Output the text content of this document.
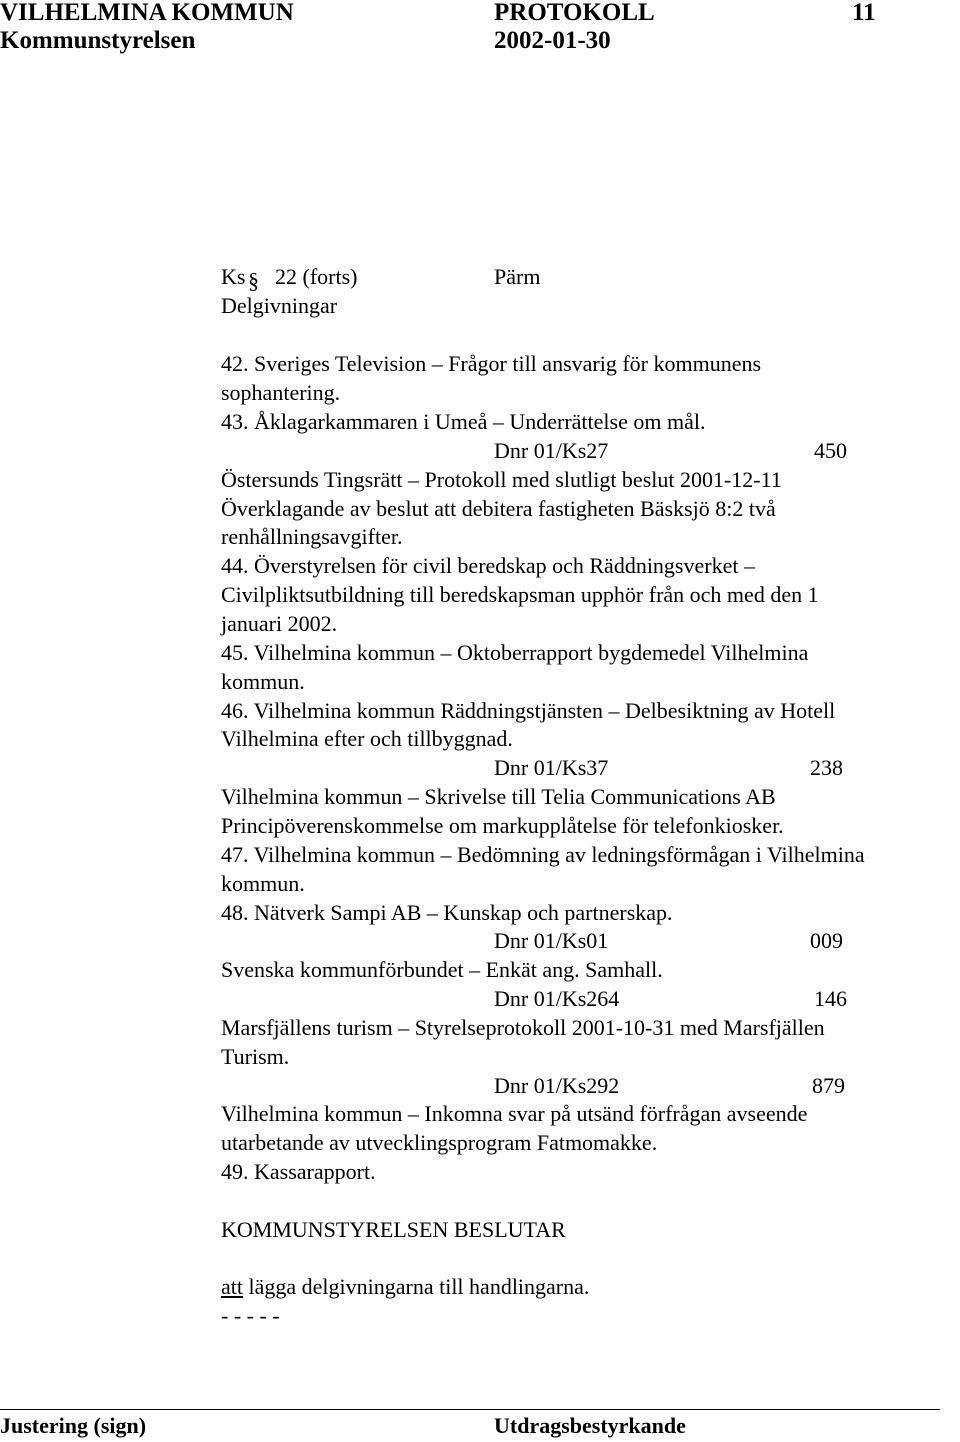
VILHELMINA KOMMUN	PROTOKOLL	11
Kommunstyrelsen	2002-01-30
Ks § 22 (forts)	Pärm
Delgivningar
42. Sveriges Television – Frågor till ansvarig för kommunens
sophantering.
43. Åklagarkammaren i Umeå – Underrättelse om mål.
Dnr 01/Ks27	450
Östersunds Tingsrätt – Protokoll med slutligt beslut 2001-12-11
Överklagande av beslut att debitera fastigheten Bäsksjö 8:2 två
renhållningsavgifter.
44. Överstyrelsen för civil beredskap och Räddningsverket –
Civilpliktsutbildning till beredskapsman upphör från och med den 1
januari 2002.
45. Vilhelmina kommun – Oktoberrapport bygdemedel Vilhelmina
kommun.
46. Vilhelmina kommun Räddningstjänsten – Delbesiktning av Hotell
Vilhelmina efter och tillbyggnad.
Dnr 01/Ks37	238
Vilhelmina kommun – Skrivelse till Telia Communications AB
Principöverenskommelse om markupplåtelse för telefonkiosker.
47. Vilhelmina kommun – Bedömning av ledningsförmågan i Vilhelmina
kommun.
48. Nätverk Sampi AB – Kunskap och partnerskap.
Dnr 01/Ks01	009
Svenska kommunförbundet – Enkät ang. Samhall.
Dnr 01/Ks264	146
Marsfjällens turism – Styrelseprotokoll 2001-10-31 med Marsfjällen
Turism.
Dnr 01/Ks292	879
Vilhelmina kommun – Inkomna svar på utsänd förfrågan avseende
utarbetande av utvecklingsprogram Fatmomakke.
49. Kassarapport.
KOMMUNSTYRELSEN BESLUTAR
att lägga delgivningarna till handlingarna.
- - - - -
Justering (sign)	Utdragsbestyrkande
